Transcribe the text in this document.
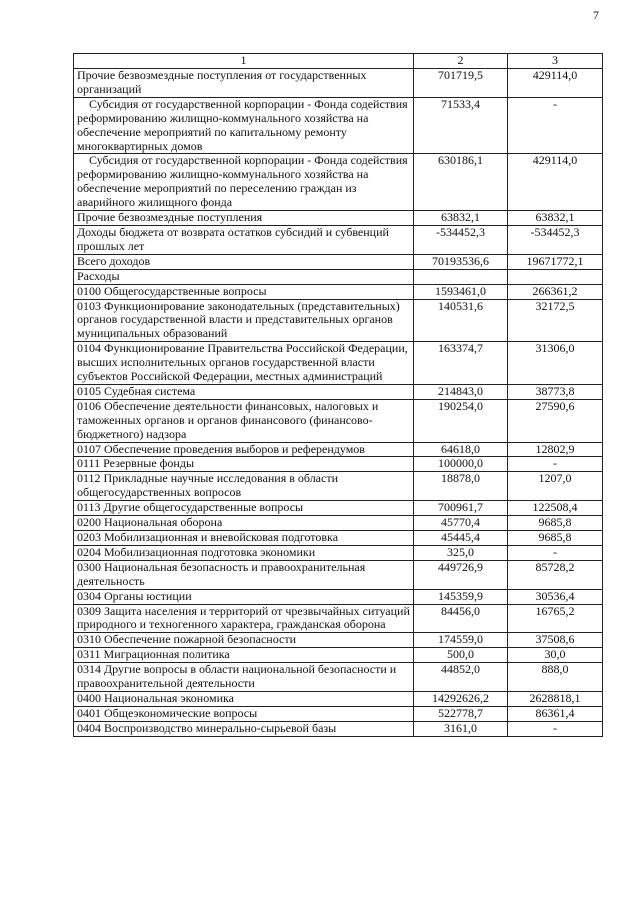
7
1	2	3
Прочие безвозмездные поступления от государственных организаций	701719,5	429114,0
Субсидия от государственной корпорации - Фонда содействия реформированию жилищно-коммунального хозяйства на обеспечение мероприятий по капитальному ремонту многоквартирных домов	71533,4	-
Субсидия от государственной корпорации - Фонда содействия реформированию жилищно-коммунального хозяйства на обеспечение мероприятий по переселению граждан из аварийного жилищного фонда	630186,1	429114,0
Прочие безвозмездные поступления	63832,1	63832,1
Доходы бюджета от возврата остатков субсидий и субвенций прошлых лет	-534452,3	-534452,3
Всего доходов	70193536,6	19671772,1
Расходы		
0100 Общегосударственные вопросы	1593461,0	266361,2
0103 Функционирование законодательных (представительных) органов государственной власти и представительных органов муниципальных образований	140531,6	32172,5
0104 Функционирование Правительства Российской Федерации, высших исполнительных органов государственной власти субъектов Российской Федерации, местных администраций	163374,7	31306,0
0105 Судебная система	214843,0	38773,8
0106 Обеспечение деятельности финансовых, налоговых и таможенных органов и органов финансового (финансово-бюджетного) надзора	190254,0	27590,6
0107 Обеспечение проведения выборов и референдумов	64618,0	12802,9
0111 Резервные фонды	100000,0	-
0112 Прикладные научные исследования в области общегосударственных вопросов	18878,0	1207,0
0113 Другие общегосударственные вопросы	700961,7	122508,4
0200 Национальная оборона	45770,4	9685,8
0203 Мобилизационная и вневойсковая подготовка	45445,4	9685,8
0204 Мобилизационная подготовка экономики	325,0	-
0300 Национальная безопасность и правоохранительная деятельность	449726,9	85728,2
0304 Органы юстиции	145359,9	30536,4
0309 Защита населения и территорий от чрезвычайных ситуаций природного и техногенного характера, гражданская оборона	84456,0	16765,2
0310 Обеспечение пожарной безопасности	174559,0	37508,6
0311 Миграционная политика	500,0	30,0
0314 Другие вопросы в области национальной безопасности и правоохранительной деятельности	44852,0	888,0
0400 Национальная экономика	14292626,2	2628818,1
0401 Общеэкономические вопросы	522778,7	86361,4
0404 Воспроизводство минерально-сырьевой базы	3161,0	-
